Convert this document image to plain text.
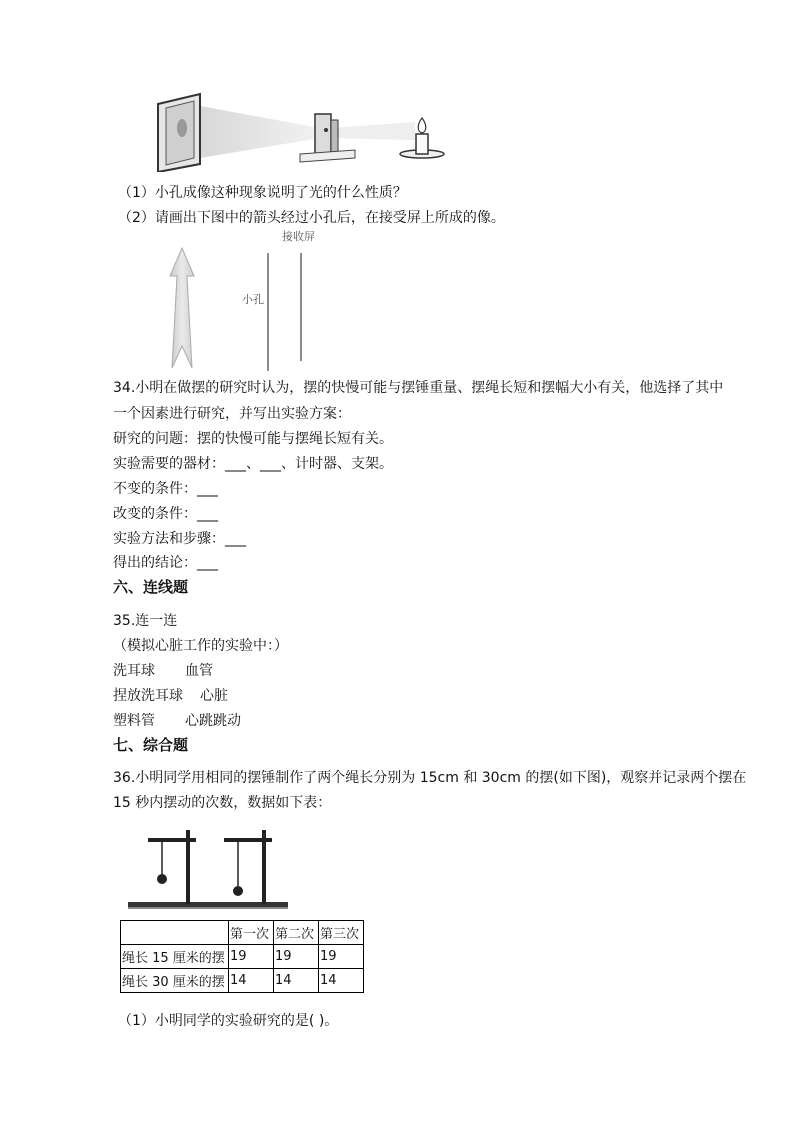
（1）小孔成像这种现象说明了光的什么性质？
（2）请画出下图中的箭头经过小孔后，在接受屏上所成的像。
接收屏
小孔
34.小明在做摆的研究时认为，摆的快慢可能与摆锤重量、摆绳长短和摆幅大小有关，他选择了其中
一个因素进行研究，并写出实验方案：
研究的问题：摆的快慢可能与摆绳长短有关。
实验需要的器材：___、___、计时器、支架。
不变的条件：___
改变的条件：___
实验方法和步骤：___
得出的结论：___
六、连线题
35.连一连
（模拟心脏工作的实验中：）
洗耳球 血管
捏放洗耳球 心脏
塑料管 心跳跳动
七、综合题
36.小明同学用相同的摆锤制作了两个绳长分别为 15cm 和 30cm 的摆(如下图)，观察并记录两个摆在
15 秒内摆动的次数，数据如下表：
	第一次	第二次	第三次
绳长 15 厘米的摆	19	19	19
绳长 30 厘米的摆	14	14	14
（1）小明同学的实验研究的是( )。
